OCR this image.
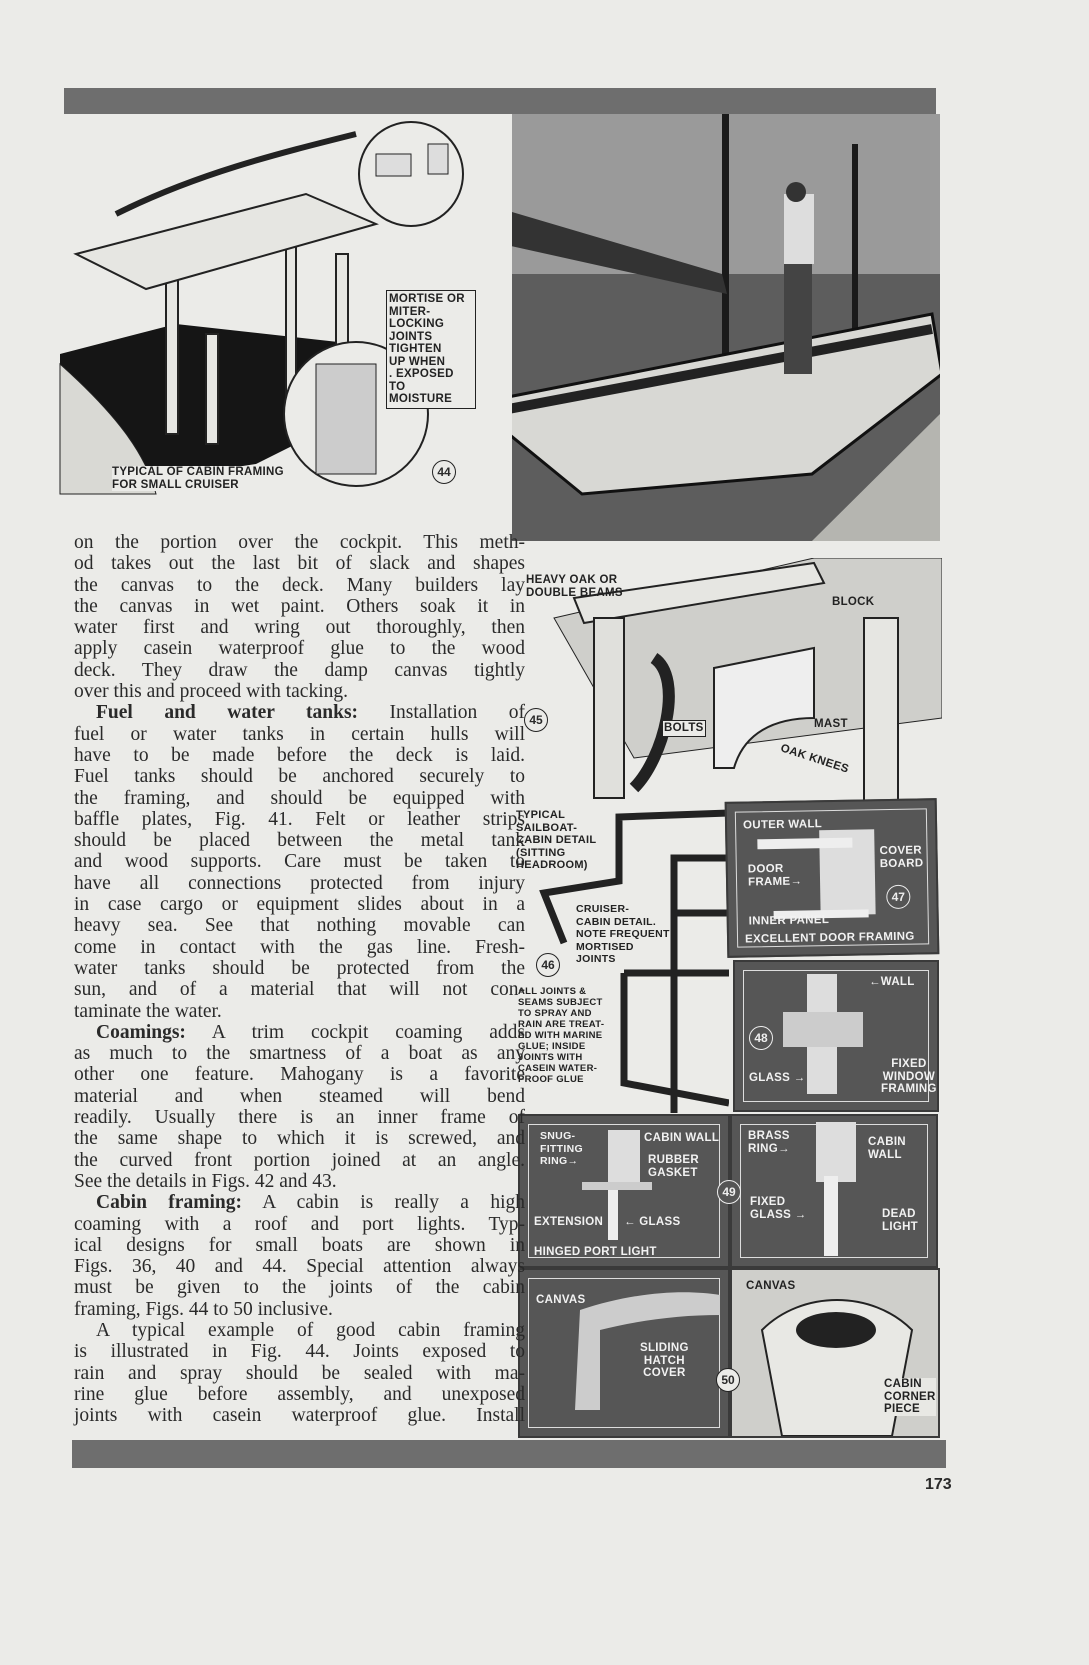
MORTISE OR
MITER-LOCKING
JOINTS TIGHTEN
UP WHEN
. EXPOSED TO
MOISTURE
TYPICAL OF CABIN FRAMING
FOR SMALL CRUISER
44
HEAVY OAK OR
DOUBLE BEAMS
BLOCK
BOLTS	MAST
OAK KNEES
45
TYPICAL
SAILBOAT-
CABIN DETAIL
(SITTING
HEADROOM)
CRUISER-
CABIN DETAIL.
NOTE FREQUENT
MORTISED
JOINTS
ALL JOINTS &
SEAMS SUBJECT
TO SPRAY AND
RAIN ARE TREAT-
ED WITH MARINE
GLUE; INSIDE
JOINTS WITH
CASEIN WATER-
PROOF GLUE
46
OUTER WALL
COVER
BOARD
DOOR
FRAME→
INNER PANEL
EXCELLENT DOOR FRAMING
47
←WALL
GLASS →
FIXED
WINDOW
FRAMING
48
SNUG-
FITTING
RING→
CABIN WALL
RUBBER
GASKET
EXTENSION ← GLASS
HINGED PORT LIGHT
BRASS
RING→
CABIN
WALL
FIXED
GLASS →	DEAD
LIGHT
49
CANVAS
SLIDING
HATCH
COVER
CANVAS
CABIN
CORNER
PIECE
50
on the portion over the cockpit. This meth-
od takes out the last bit of slack and shapes
the canvas to the deck. Many builders lay
the canvas in wet paint. Others soak it in
water first and wring out thoroughly, then
apply casein waterproof glue to the wood
deck. They draw the damp canvas tightly
over this and proceed with tacking.
Fuel and water tanks: Installation of
fuel or water tanks in certain hulls will
have to be made before the deck is laid.
Fuel tanks should be anchored securely to
the framing, and should be equipped with
baffle plates, Fig. 41. Felt or leather strips
should be placed between the metal tank
and wood supports. Care must be taken to
have all connections protected from injury
in case cargo or equipment slides about in a
heavy sea. See that nothing movable can
come in contact with the gas line. Fresh-
water tanks should be protected from the
sun, and of a material that will not con-
taminate the water.
Coamings: A trim cockpit coaming adds
as much to the smartness of a boat as any
other one feature. Mahogany is a favorite
material and when steamed will bend
readily. Usually there is an inner frame of
the same shape to which it is screwed, and
the curved front portion joined at an angle.
See the details in Figs. 42 and 43.
Cabin framing: A cabin is really a high
coaming with a roof and port lights. Typ-
ical designs for small boats are shown in
Figs. 36, 40 and 44. Special attention always
must be given to the joints of the cabin
framing, Figs. 44 to 50 inclusive.
A typical example of good cabin framing
is illustrated in Fig. 44. Joints exposed to
rain and spray should be sealed with ma-
rine glue before assembly, and unexposed
joints with casein waterproof glue. Install
173
